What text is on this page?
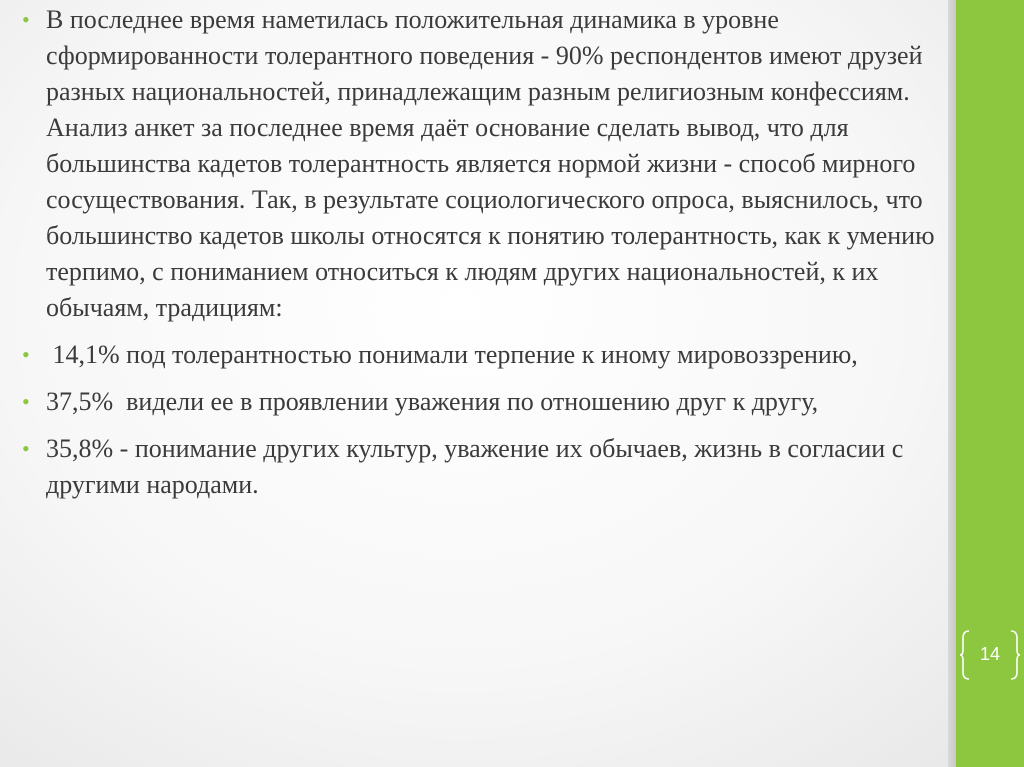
• В последнее время наметилась положительная динамика в уровне сформированности толерантного поведения - 90% респондентов имеют друзей разных национальностей, принадлежащим разным религиозным конфессиям. Анализ анкет за последнее время даёт основание сделать вывод, что для большинства кадетов толерантность является нормой жизни - способ мирного сосуществования. Так, в результате социологического опроса, выяснилось, что большинство кадетов школы относятся к понятию толерантность, как к умению терпимо, с пониманием относиться к людям других национальностей, к их обычаям, традициям:
• 14,1% под толерантностью понимали терпение к иному мировоззрению,
• 37,5%  видели ее в проявлении уважения по отношению друг к другу,
• 35,8% - понимание других культур, уважение их обычаев, жизнь в согласии с другими народами.
14
